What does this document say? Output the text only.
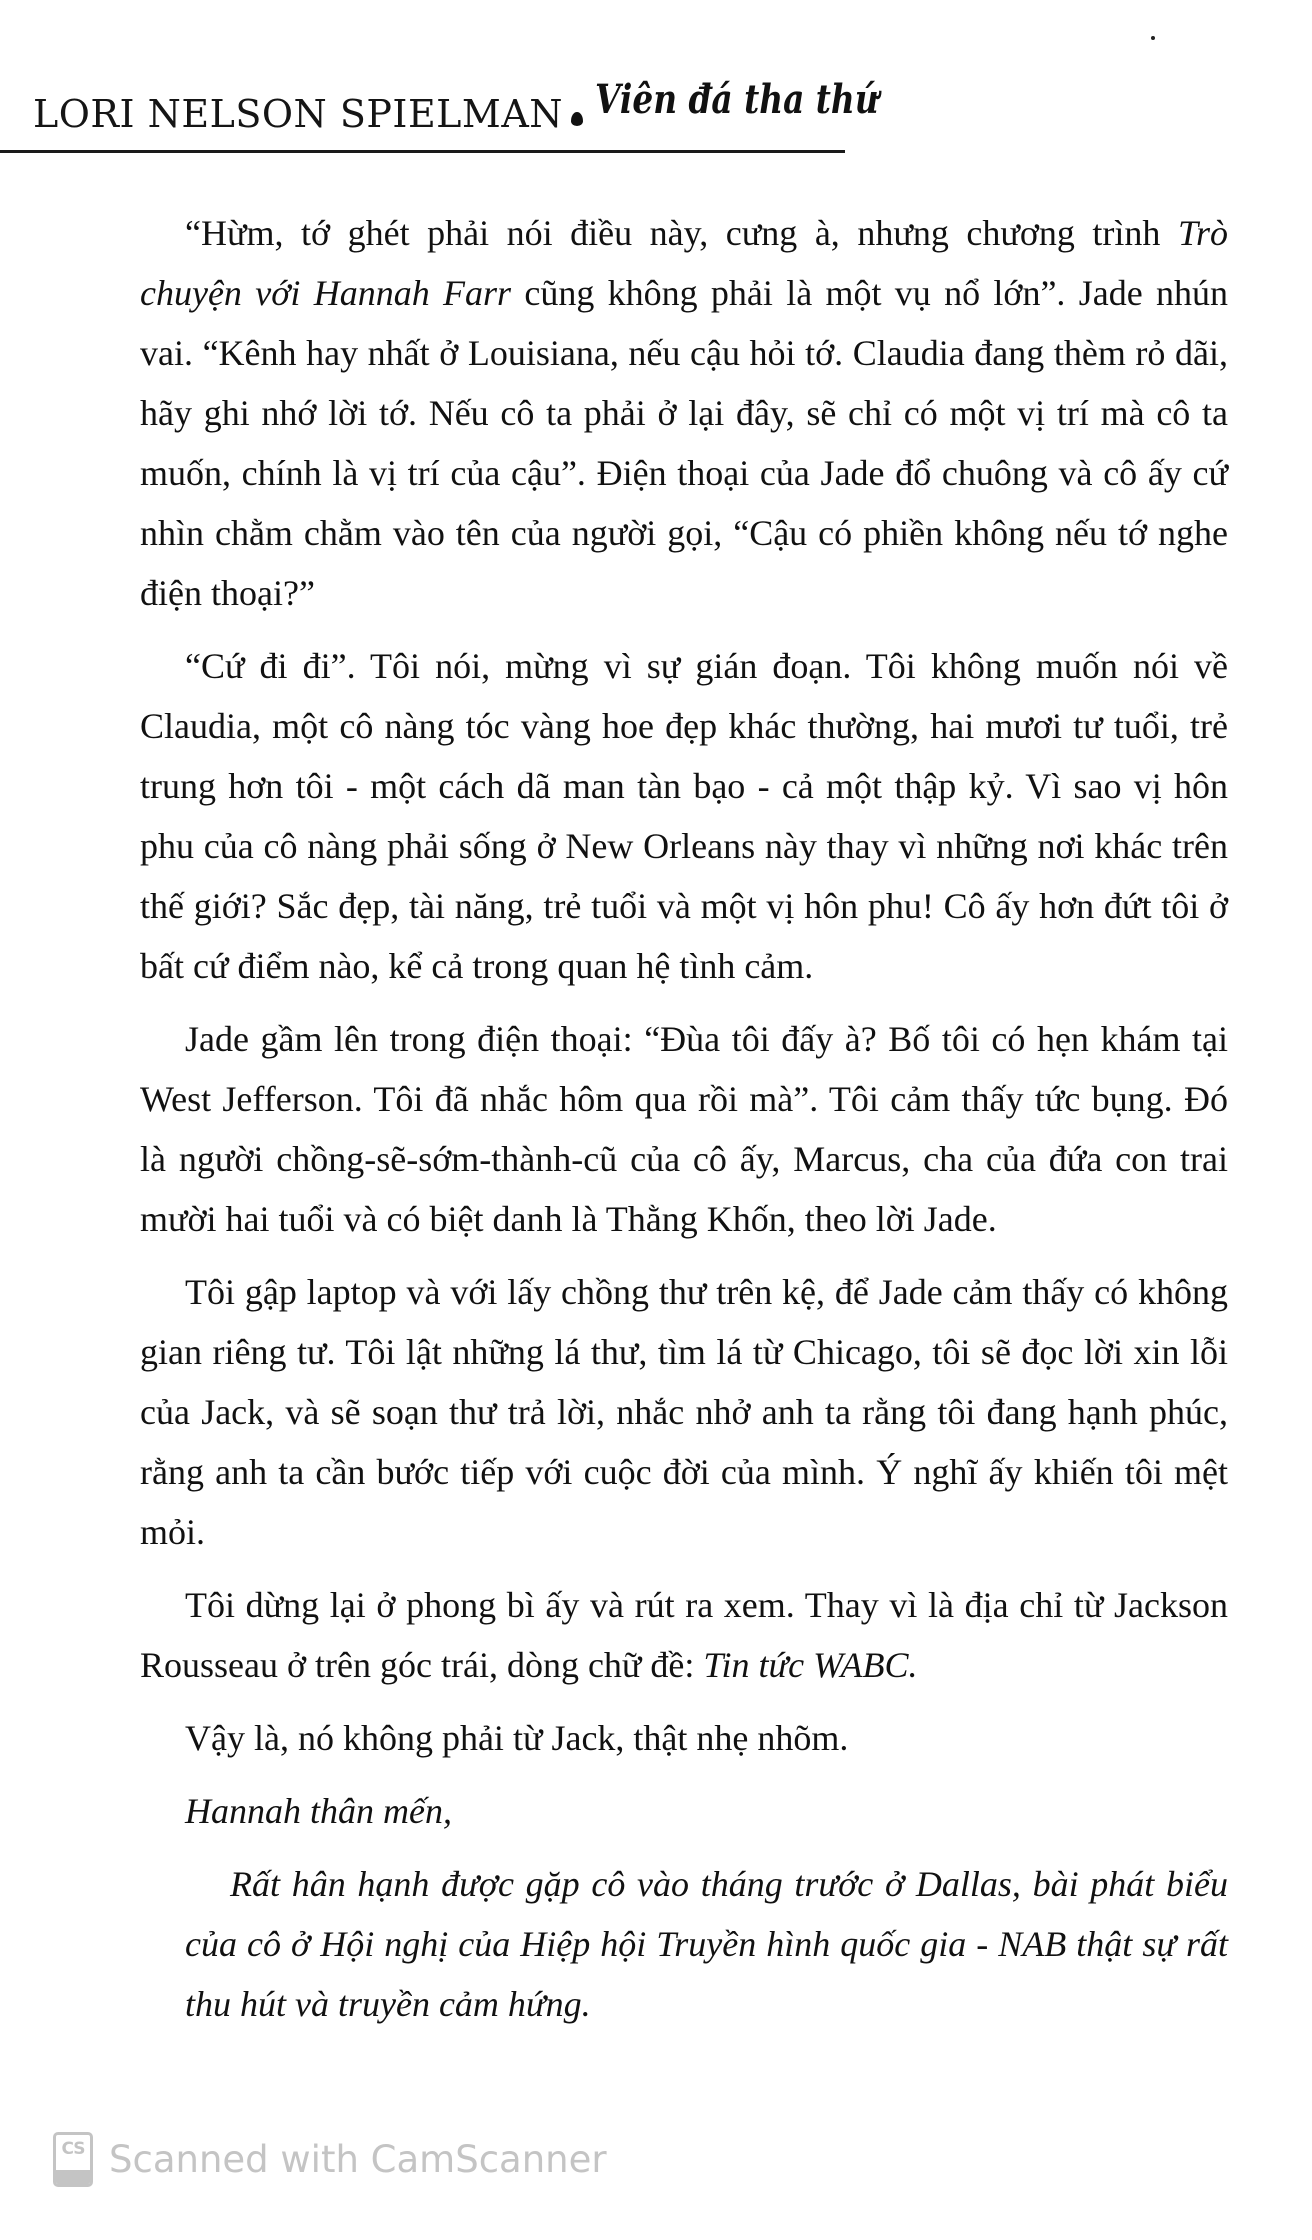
LORI NELSON SPIELMAN Viên đá tha thứ

“Hừm, tớ ghét phải nói điều này, cưng à, nhưng chương trình Trò chuyện với Hannah Farr cũng không phải là một vụ nổ lớn”. Jade nhún vai. “Kênh hay nhất ở Louisiana, nếu cậu hỏi tớ. Claudia đang thèm rỏ dãi, hãy ghi nhớ lời tớ. Nếu cô ta phải ở lại đây, sẽ chỉ có một vị trí mà cô ta muốn, chính là vị trí của cậu”. Điện thoại của Jade đổ chuông và cô ấy cứ nhìn chằm chằm vào tên của người gọi, “Cậu có phiền không nếu tớ nghe điện thoại?”

“Cứ đi đi”. Tôi nói, mừng vì sự gián đoạn. Tôi không muốn nói về Claudia, một cô nàng tóc vàng hoe đẹp khác thường, hai mươi tư tuổi, trẻ trung hơn tôi - một cách dã man tàn bạo - cả một thập kỷ. Vì sao vị hôn phu của cô nàng phải sống ở New Orleans này thay vì những nơi khác trên thế giới? Sắc đẹp, tài năng, trẻ tuổi và một vị hôn phu! Cô ấy hơn đứt tôi ở bất cứ điểm nào, kể cả trong quan hệ tình cảm.

Jade gầm lên trong điện thoại: “Đùa tôi đấy à? Bố tôi có hẹn khám tại West Jefferson. Tôi đã nhắc hôm qua rồi mà”. Tôi cảm thấy tức bụng. Đó là người chồng-sẽ-sớm-thành-cũ của cô ấy, Marcus, cha của đứa con trai mười hai tuổi và có biệt danh là Thằng Khốn, theo lời Jade.

Tôi gập laptop và với lấy chồng thư trên kệ, để Jade cảm thấy có không gian riêng tư. Tôi lật những lá thư, tìm lá từ Chicago, tôi sẽ đọc lời xin lỗi của Jack, và sẽ soạn thư trả lời, nhắc nhở anh ta rằng tôi đang hạnh phúc, rằng anh ta cần bước tiếp với cuộc đời của mình. Ý nghĩ ấy khiến tôi mệt mỏi.

Tôi dừng lại ở phong bì ấy và rút ra xem. Thay vì là địa chỉ từ Jackson Rousseau ở trên góc trái, dòng chữ đề: Tin tức WABC.

Vậy là, nó không phải từ Jack, thật nhẹ nhõm.

Hannah thân mến,

Rất hân hạnh được gặp cô vào tháng trước ở Dallas, bài phát biểu của cô ở Hội nghị của Hiệp hội Truyền hình quốc gia - NAB thật sự rất thu hút và truyền cảm hứng.

CS Scanned with CamScanner
